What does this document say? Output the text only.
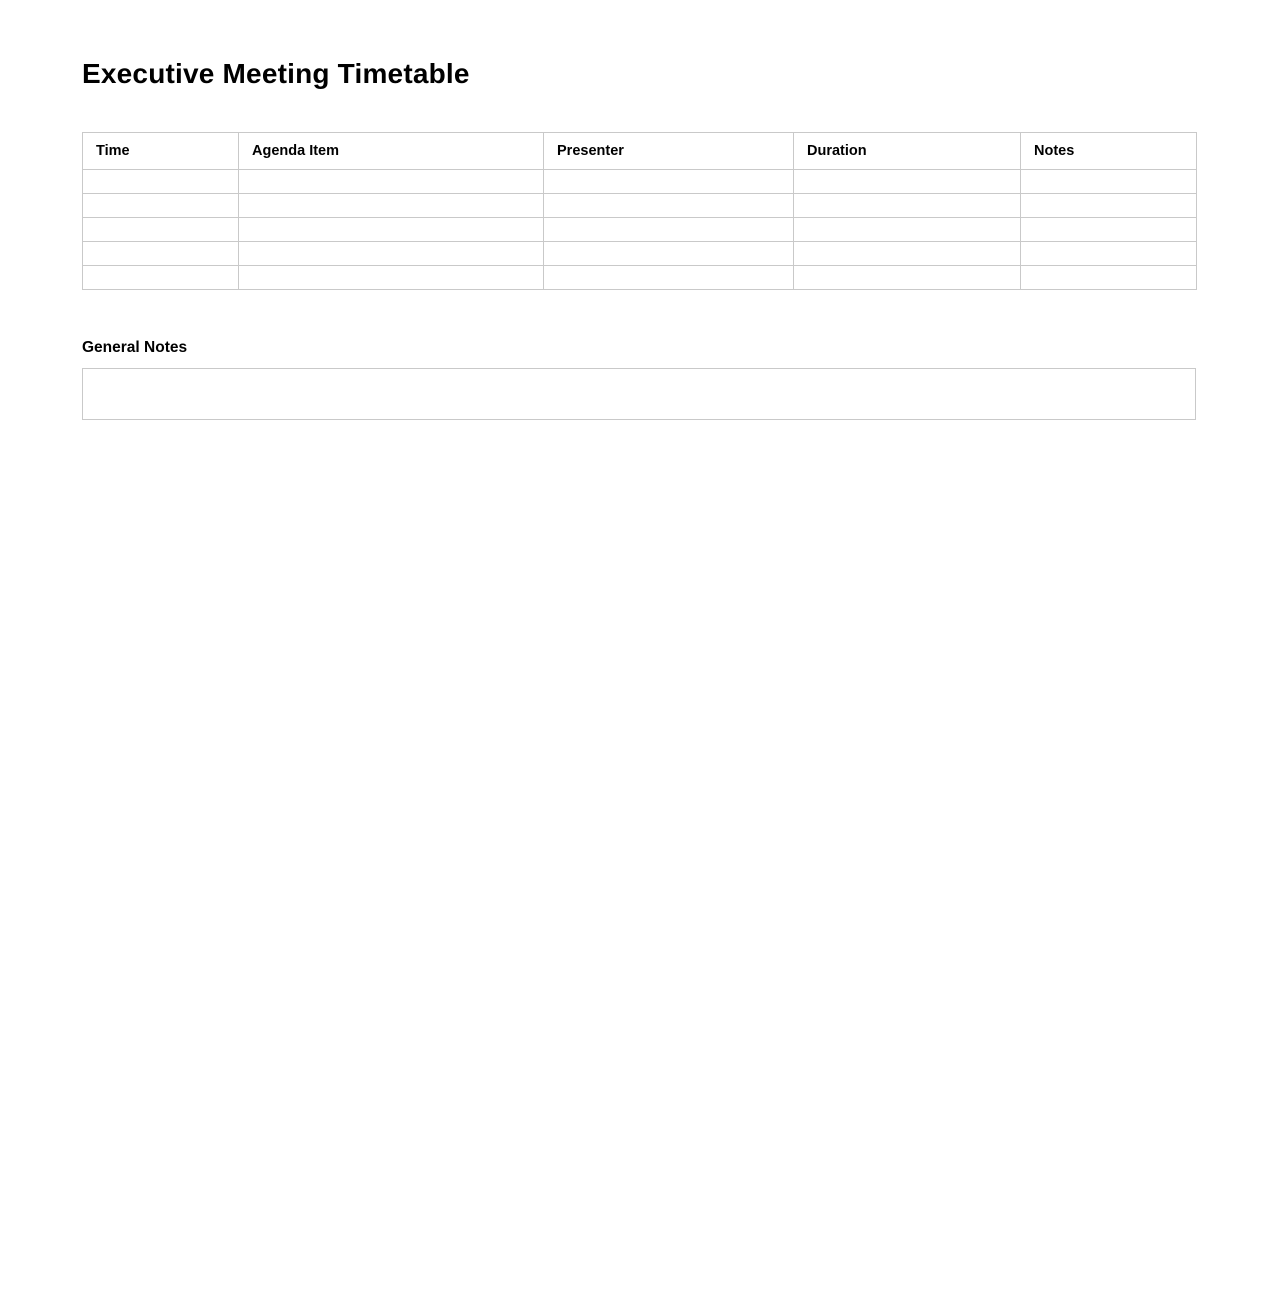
Executive Meeting Timetable
Time	Agenda Item	Presenter	Duration	Notes

General Notes
